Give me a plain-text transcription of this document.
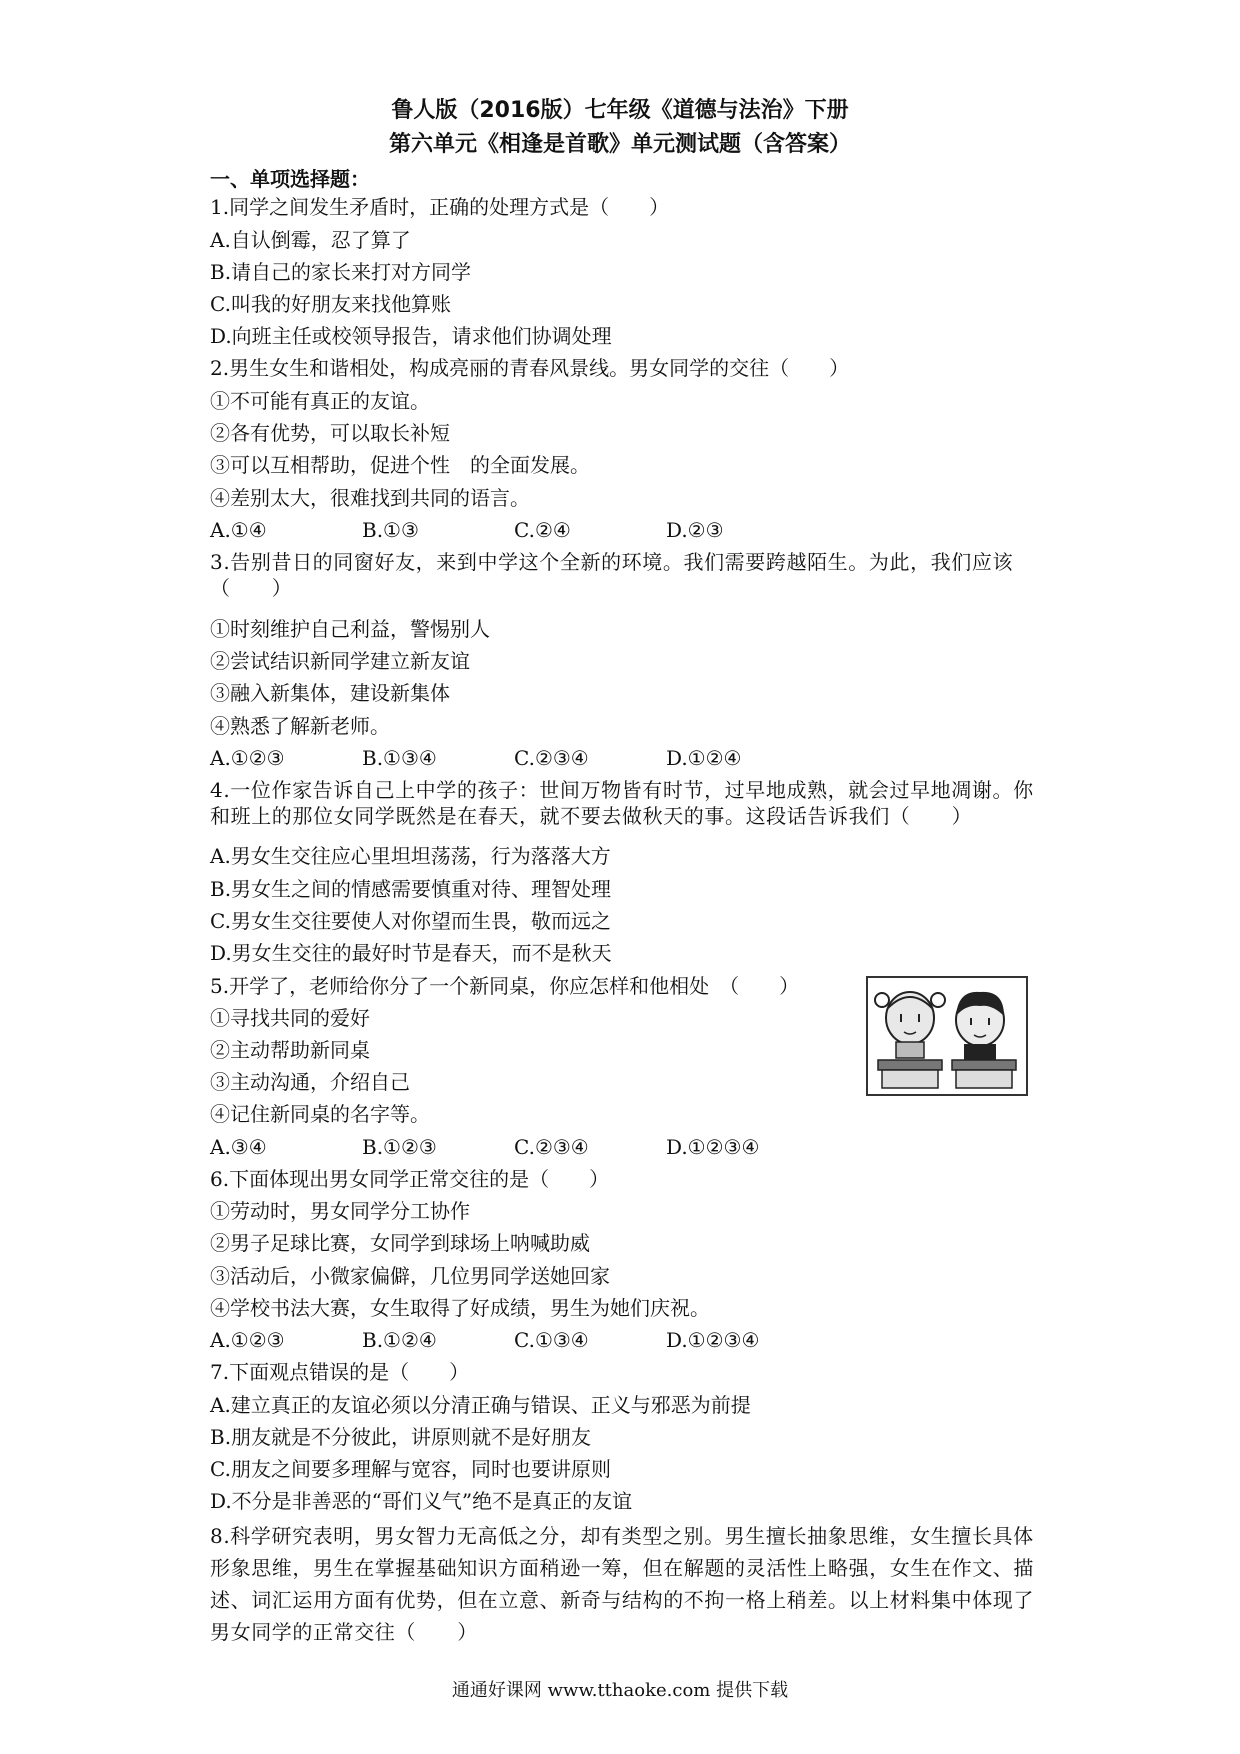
鲁人版（2016版）七年级《道德与法治》下册
第六单元《相逢是首歌》单元测试题（含答案）
一、单项选择题：
1.同学之间发生矛盾时，正确的处理方式是（　　）
A.自认倒霉，忍了算了
B.请自己的家长来打对方同学
C.叫我的好朋友来找他算账
D.向班主任或校领导报告，请求他们协调处理
2.男生女生和谐相处，构成亮丽的青春风景线。男女同学的交往（　　）
①不可能有真正的友谊。
②各有优势，可以取长补短
③可以互相帮助，促进个性　的全面发展。
④差别太大，很难找到共同的语言。
A.①④	B.①③	C.②④	D.②③
3.告别昔日的同窗好友，来到中学这个全新的环境。我们需要跨越陌生。为此，我们应该（　　）
①时刻维护自己利益，警惕别人
②尝试结识新同学建立新友谊
③融入新集体，建设新集体
④熟悉了解新老师。
A.①②③	B.①③④	C.②③④	D.①②④
4.一位作家告诉自己上中学的孩子：世间万物皆有时节，过早地成熟，就会过早地凋谢。你和班上的那位女同学既然是在春天，就不要去做秋天的事。这段话告诉我们（　　）
A.男女生交往应心里坦坦荡荡，行为落落大方
B.男女生之间的情感需要慎重对待、理智处理
C.男女生交往要使人对你望而生畏，敬而远之
D.男女生交往的最好时节是春天，而不是秋天
5.开学了，老师给你分了一个新同桌，你应怎样和他相处　（　　）
①寻找共同的爱好
②主动帮助新同桌
③主动沟通，介绍自己
④记住新同桌的名字等。
A.③④	B.①②③	C.②③④	D.①②③④
6.下面体现出男女同学正常交往的是（　　）
①劳动时，男女同学分工协作
②男子足球比赛，女同学到球场上呐喊助威
③活动后，小微家偏僻，几位男同学送她回家
④学校书法大赛，女生取得了好成绩，男生为她们庆祝。
A.①②③	B.①②④	C.①③④	D.①②③④
7.下面观点错误的是（　　）
A.建立真正的友谊必须以分清正确与错误、正义与邪恶为前提
B.朋友就是不分彼此，讲原则就不是好朋友
C.朋友之间要多理解与宽容，同时也要讲原则
D.不分是非善恶的“哥们义气”绝不是真正的友谊
8.科学研究表明，男女智力无高低之分，却有类型之别。男生擅长抽象思维，女生擅长具体形象思维，男生在掌握基础知识方面稍逊一筹，但在解题的灵活性上略强，女生在作文、描述、词汇运用方面有优势，但在立意、新奇与结构的不拘一格上稍差。以上材料集中体现了男女同学的正常交往（　　）
通通好课网 www.tthaoke.com 提供下载
